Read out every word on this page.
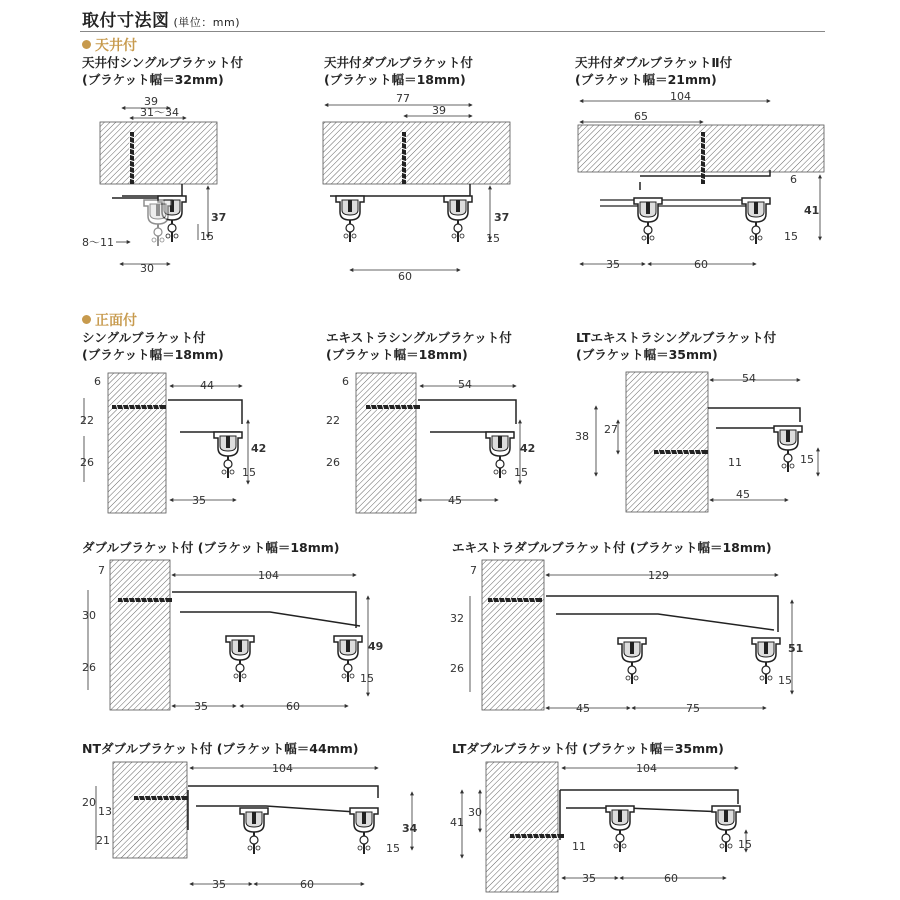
取付寸法図 (単位：mm)
天井付
正面付
天井付シングルブラケット付
(ブラケット幅＝32mm)
天井付ダブルブラケット付
(ブラケット幅＝18mm)
天井付ダブルブラケットⅡ付
(ブラケット幅＝21mm)
シングルブラケット付
(ブラケット幅＝18mm)
エキストラシングルブラケット付
(ブラケット幅＝18mm)
LTエキストラシングルブラケット付
(ブラケット幅＝35mm)
ダブルブラケット付 (ブラケット幅＝18mm)	エキストラダブルブラケット付 (ブラケット幅＝18mm)
NTダブルブラケット付 (ブラケット幅＝44mm)	LTダブルブラケット付 (ブラケット幅＝35mm)
39
31～34
37
15
8～11
30
77
39
37
15
60
104
65
6
41
15
35	60
6	44
22
26
42
15
35
6	54
22
26
42
15
45
54
38
27
11	15
45
7	104
30
26
49
15
35	60
7	129
32
26
51
15
45	75
104
20
13
21
34
15
35	60
104
30
41
11	15
35	60
